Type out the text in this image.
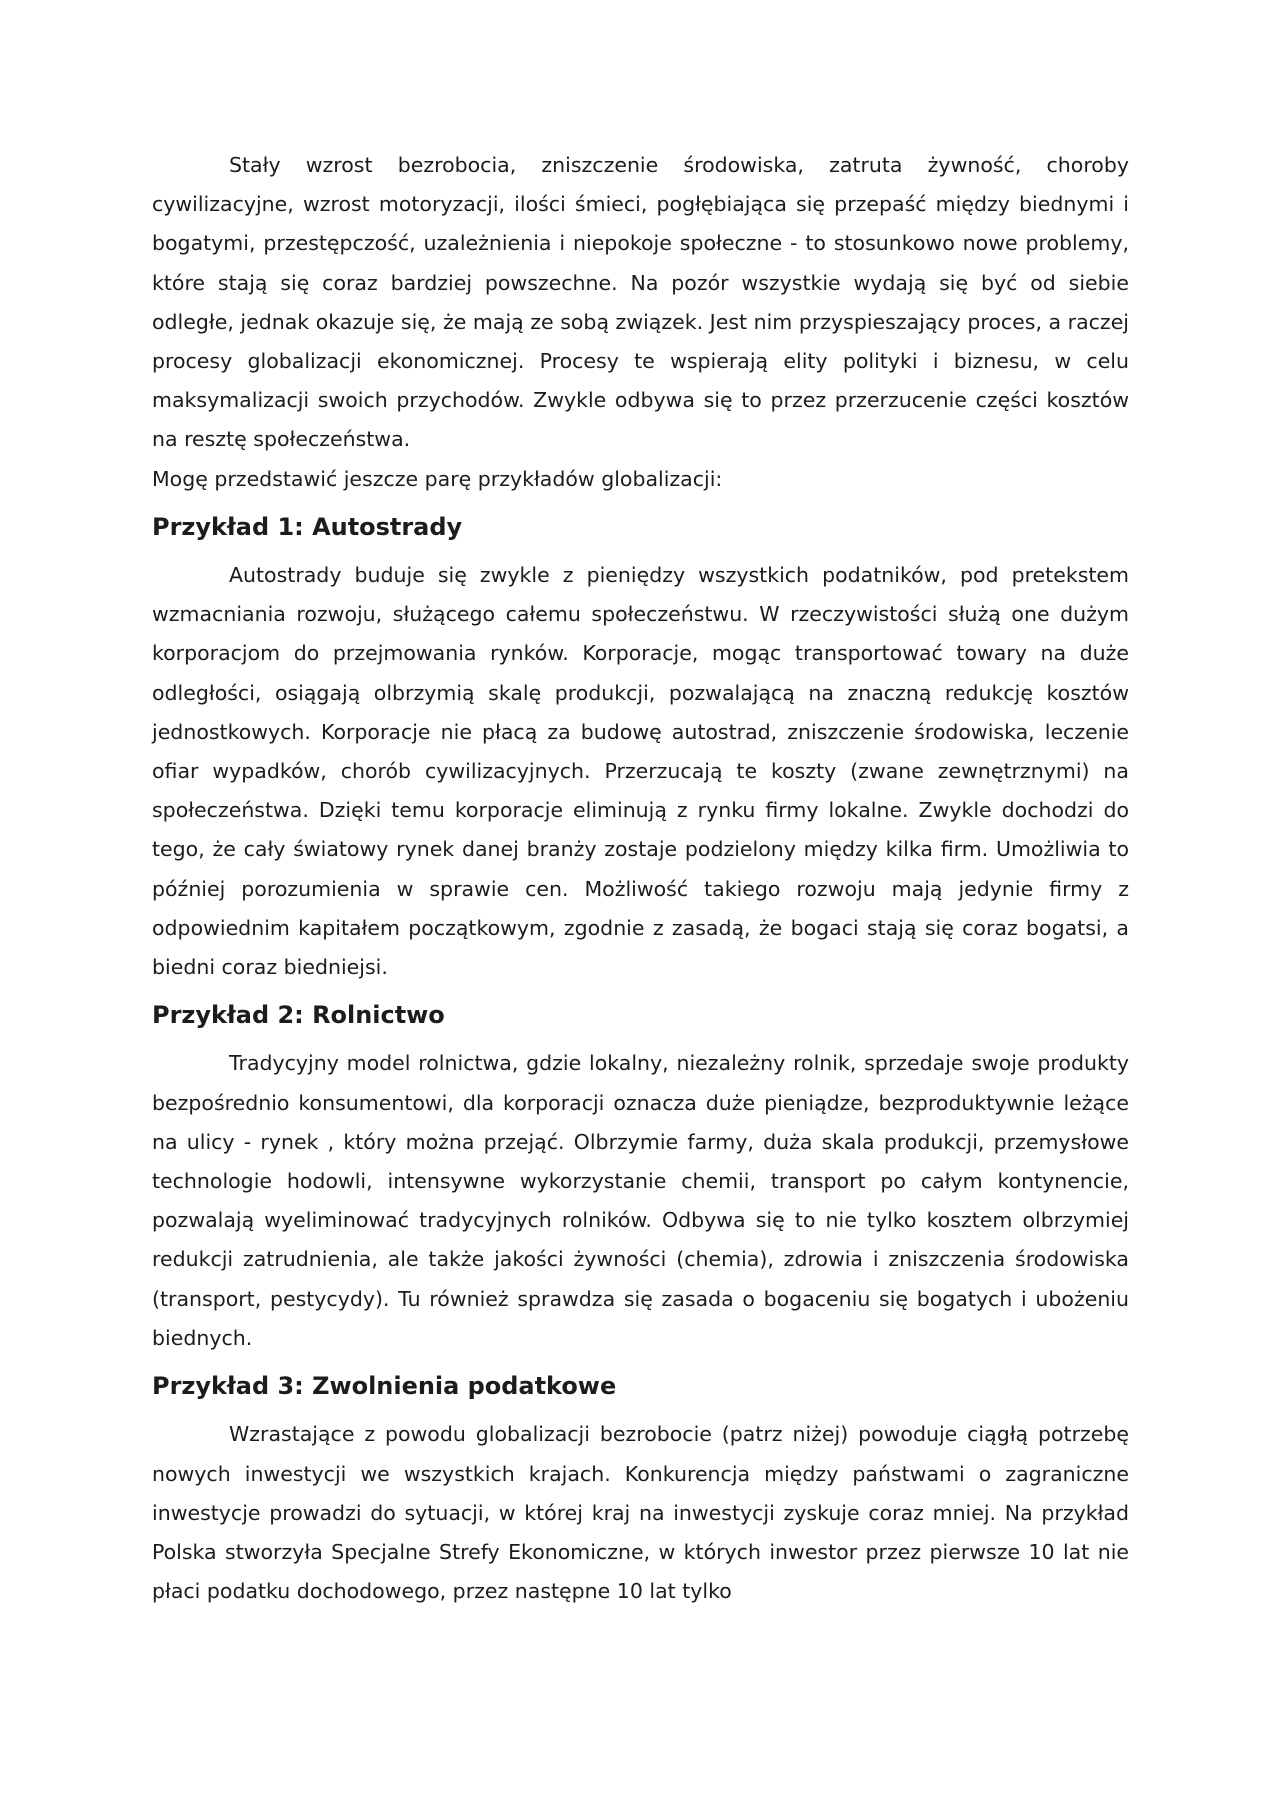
Stały wzrost bezrobocia, zniszczenie środowiska, zatruta żywność, choroby cywilizacyjne, wzrost motoryzacji, ilości śmieci, pogłębiająca się przepaść między biednymi i bogatymi, przestępczość, uzależnienia i niepokoje społeczne - to stosunkowo nowe problemy, które stają się coraz bardziej powszechne. Na pozór wszystkie wydają się być od siebie odległe, jednak okazuje się, że mają ze sobą związek. Jest nim przyspieszający proces, a raczej procesy globalizacji ekonomicznej. Procesy te wspierają elity polityki i biznesu, w celu maksymalizacji swoich przychodów. Zwykle odbywa się to przez przerzucenie części kosztów na resztę społeczeństwa.

Mogę przedstawić jeszcze parę przykładów globalizacji:

Przykład 1: Autostrady

Autostrady buduje się zwykle z pieniędzy wszystkich podatników, pod pretekstem wzmacniania rozwoju, służącego całemu społeczeństwu. W rzeczywistości służą one dużym korporacjom do przejmowania rynków. Korporacje, mogąc transportować towary na duże odległości, osiągają olbrzymią skalę produkcji, pozwalającą na znaczną redukcję kosztów jednostkowych. Korporacje nie płacą za budowę autostrad, zniszczenie środowiska, leczenie ofiar wypadków, chorób cywilizacyjnych. Przerzucają te koszty (zwane zewnętrznymi) na społeczeństwa. Dzięki temu korporacje eliminują z rynku firmy lokalne. Zwykle dochodzi do tego, że cały światowy rynek danej branży zostaje podzielony między kilka firm. Umożliwia to później porozumienia w sprawie cen. Możliwość takiego rozwoju mają jedynie firmy z odpowiednim kapitałem początkowym, zgodnie z zasadą, że bogaci stają się coraz bogatsi, a biedni coraz biedniejsi.

Przykład 2: Rolnictwo

Tradycyjny model rolnictwa, gdzie lokalny, niezależny rolnik, sprzedaje swoje produkty bezpośrednio konsumentowi, dla korporacji oznacza duże pieniądze, bezproduktywnie leżące na ulicy - rynek , który można przejąć. Olbrzymie farmy, duża skala produkcji, przemysłowe technologie hodowli, intensywne wykorzystanie chemii, transport po całym kontynencie, pozwalają wyeliminować tradycyjnych rolników. Odbywa się to nie tylko kosztem olbrzymiej redukcji zatrudnienia, ale także jakości żywności (chemia), zdrowia i zniszczenia środowiska (transport, pestycydy). Tu również sprawdza się zasada o bogaceniu się bogatych i ubożeniu biednych.

Przykład 3: Zwolnienia podatkowe

Wzrastające z powodu globalizacji bezrobocie (patrz niżej) powoduje ciągłą potrzebę nowych inwestycji we wszystkich krajach. Konkurencja między państwami o zagraniczne inwestycje prowadzi do sytuacji, w której kraj na inwestycji zyskuje coraz mniej. Na przykład Polska stworzyła Specjalne Strefy Ekonomiczne, w których inwestor przez pierwsze 10 lat nie płaci podatku dochodowego, przez następne 10 lat tylko
